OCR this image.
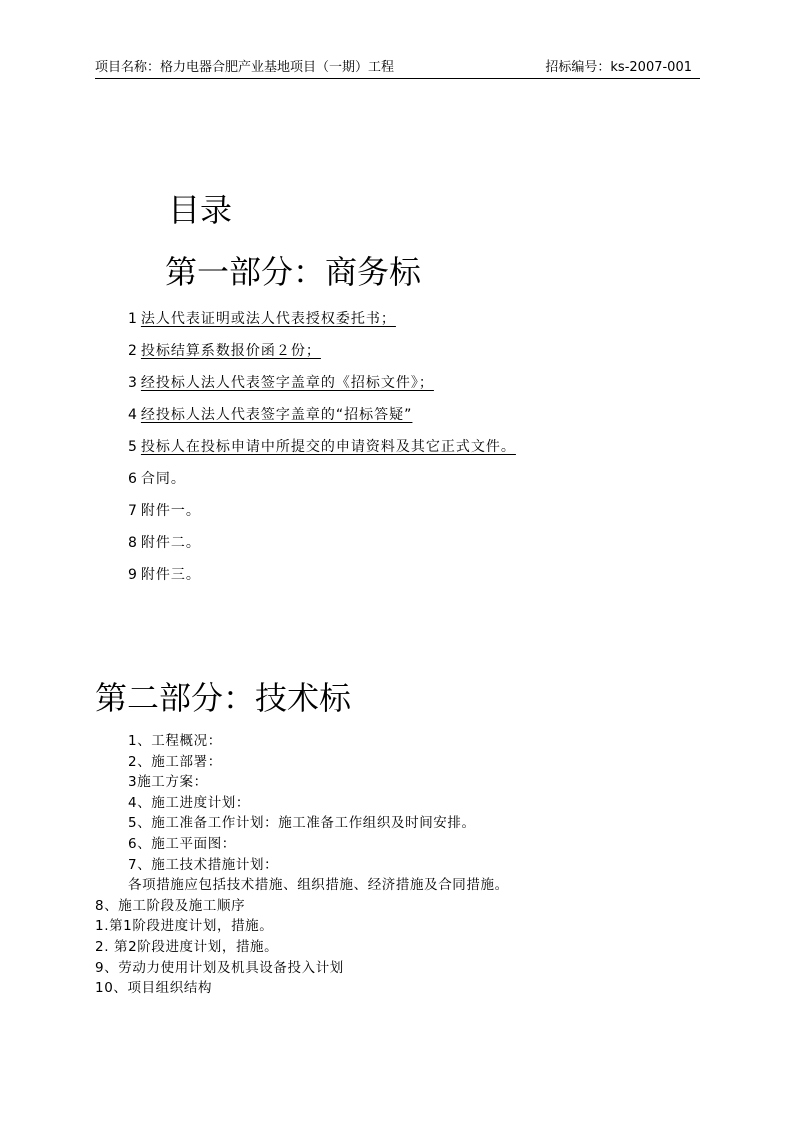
项目名称：格力电器合肥产业基地项目（一期）工程	招标编号：ks-2007-001
目录
第一部分：商务标
1 法人代表证明或法人代表授权委托书；
2 投标结算系数报价函２份；
3 经投标人法人代表签字盖章的《招标文件》；
4 经投标人法人代表签字盖章的“招标答疑”
5 投标人在投标申请中所提交的申请资料及其它正式文件。
6 合同。
7 附件一。
8 附件二。
9 附件三。
第二部分：技术标
1、工程概况：
2、施工部署：
3施工方案：
4、施工进度计划：
5、施工准备工作计划：施工准备工作组织及时间安排。
6、施工平面图：
7、施工技术措施计划：
各项措施应包括技术措施、组织措施、经济措施及合同措施。
8、施工阶段及施工顺序
1.第1阶段进度计划，措施。
2. 第2阶段进度计划，措施。
9、劳动力使用计划及机具设备投入计划
10、项目组织结构
